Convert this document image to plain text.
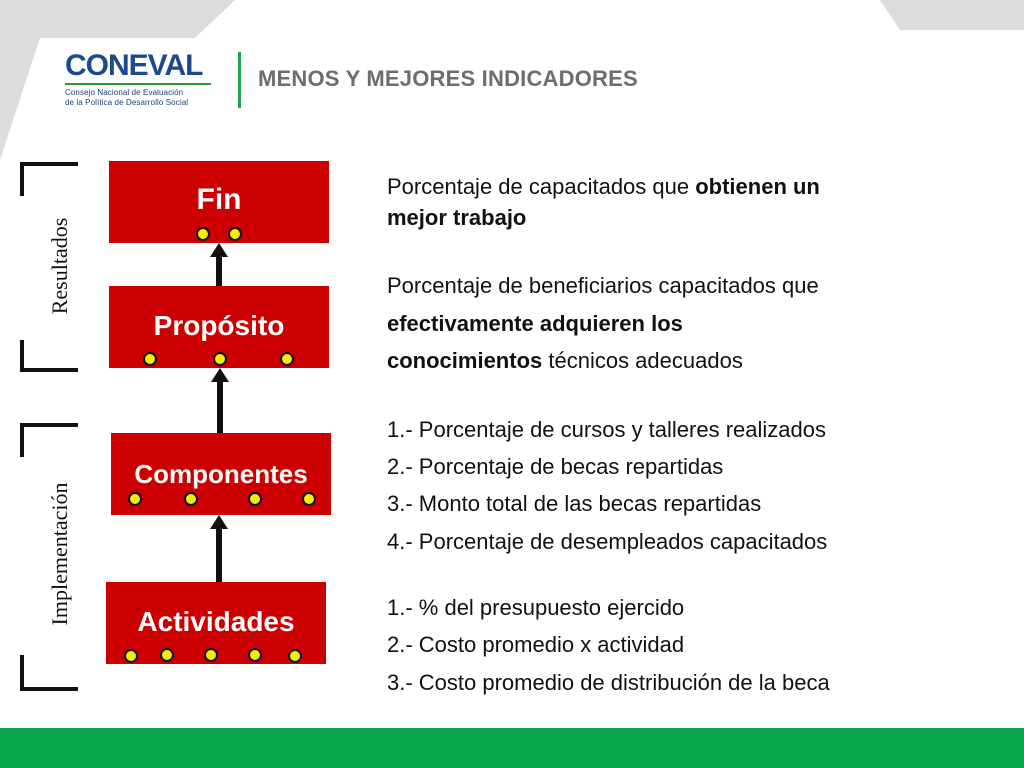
CONEVAL
Consejo Nacional de Evaluación
de la Política de Desarrollo Social
MENOS Y MEJORES INDICADORES
Resultados
Implementación
Fin
Propósito
Componentes
Actividades
Porcentaje de capacitados que obtienen un
mejor trabajo
Porcentaje de beneficiarios capacitados que
efectivamente adquieren los
conocimientos técnicos adecuados
1.- Porcentaje de cursos y talleres realizados
2.- Porcentaje de becas repartidas
3.- Monto total de las becas repartidas
4.- Porcentaje de desempleados capacitados
1.- % del presupuesto ejercido
2.- Costo promedio x actividad
3.- Costo promedio de distribución de la beca
